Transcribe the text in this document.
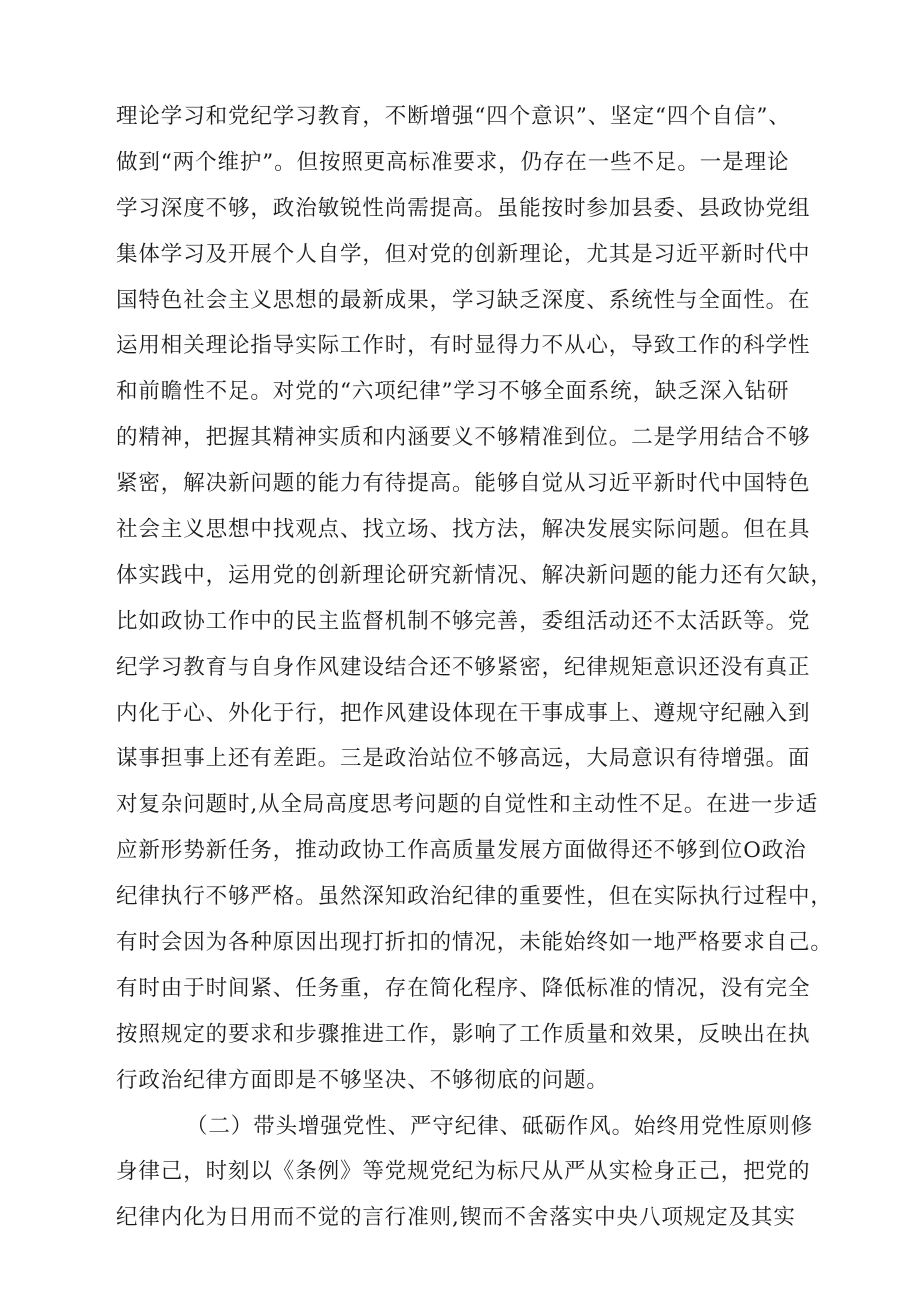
理论学习和党纪学习教育，不断增强“四个意识”、坚定“四个自信”、
做到“两个维护”。但按照更高标准要求，仍存在一些不足。一是理论
学习深度不够，政治敏锐性尚需提高。虽能按时参加县委、县政协党组
集体学习及开展个人自学，但对党的创新理论，尤其是习近平新时代中
国特色社会主义思想的最新成果，学习缺乏深度、系统性与全面性。在
运用相关理论指导实际工作时，有时显得力不从心，导致工作的科学性
和前瞻性不足。对党的“六项纪律”学习不够全面系统，缺乏深入钻研
的精神，把握其精神实质和内涵要义不够精准到位。二是学用结合不够
紧密，解决新问题的能力有待提高。能够自觉从习近平新时代中国特色
社会主义思想中找观点、找立场、找方法，解决发展实际问题。但在具
体实践中，运用党的创新理论研究新情况、解决新问题的能力还有欠缺，
比如政协工作中的民主监督机制不够完善，委组活动还不太活跃等。党
纪学习教育与自身作风建设结合还不够紧密，纪律规矩意识还没有真正
内化于心、外化于行，把作风建设体现在干事成事上、遵规守纪融入到
谋事担事上还有差距。三是政治站位不够高远，大局意识有待增强。面
对复杂问题时,从全局高度思考问题的自觉性和主动性不足。在进一步适
应新形势新任务，推动政协工作高质量发展方面做得还不够到位O政治
纪律执行不够严格。虽然深知政治纪律的重要性，但在实际执行过程中，
有时会因为各种原因出现打折扣的情况，未能始终如一地严格要求自己。
有时由于时间紧、任务重，存在简化程序、降低标准的情况，没有完全
按照规定的要求和步骤推进工作，影响了工作质量和效果，反映出在执
行政治纪律方面即是不够坚决、不够彻底的问题。
（二）带头增强党性、严守纪律、砥砺作风。始终用党性原则修
身律己，时刻以《条例》等党规党纪为标尺从严从实检身正己，把党的
纪律内化为日用而不觉的言行准则,锲而不舍落实中央八项规定及其实
